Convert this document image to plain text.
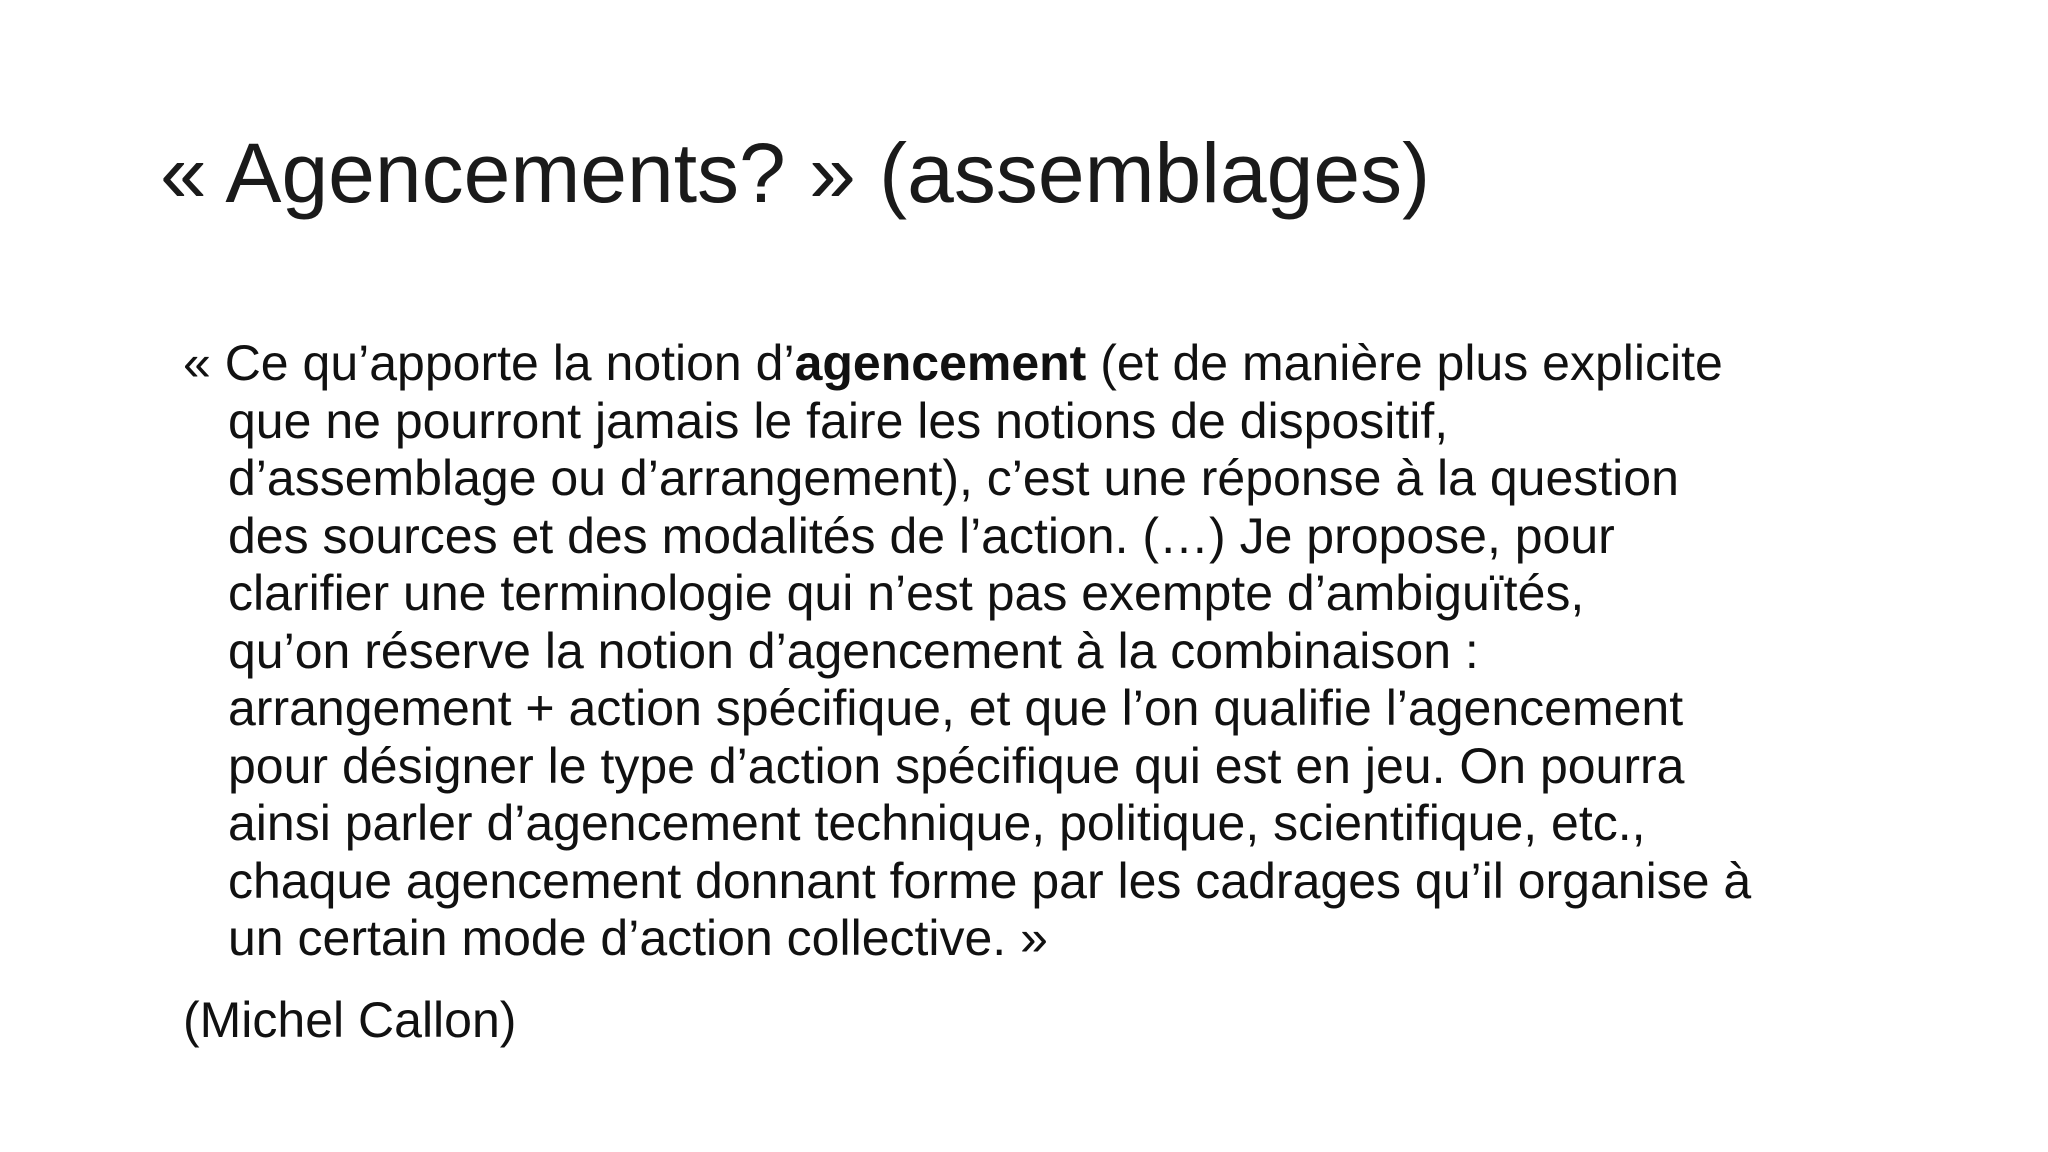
« Agencements? » (assemblages)
« Ce qu’apporte la notion d’agencement (et de manière plus explicite
que ne pourront jamais le faire les notions de dispositif,
d’assemblage ou d’arrangement), c’est une réponse à la question
des sources et des modalités de l’action. (…) Je propose, pour
clarifier une terminologie qui n’est pas exempte d’ambiguïtés,
qu’on réserve la notion d’agencement à la combinaison :
arrangement + action spécifique, et que l’on qualifie l’agencement
pour désigner le type d’action spécifique qui est en jeu. On pourra
ainsi parler d’agencement technique, politique, scientifique, etc.,
chaque agencement donnant forme par les cadrages qu’il organise à
un certain mode d’action collective. »
(Michel Callon)
